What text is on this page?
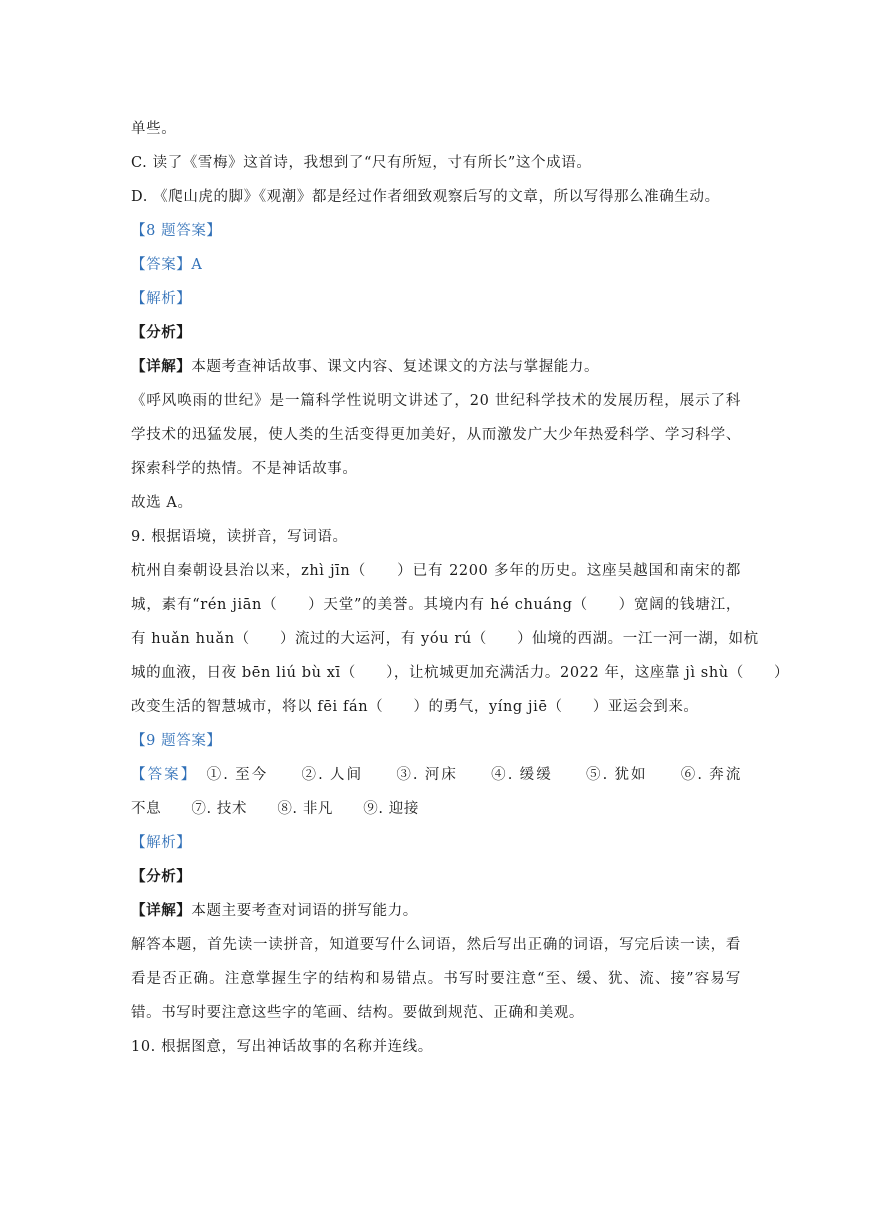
单些。
C. 读了《雪梅》这首诗，我想到了“尺有所短，寸有所长”这个成语。
D. 《爬山虎的脚》《观潮》都是经过作者细致观察后写的文章，所以写得那么准确生动。
【8 题答案】
【答案】A
【解析】
【分析】
【详解】本题考查神话故事、课文内容、复述课文的方法与掌握能力。
《呼风唤雨的世纪》是一篇科学性说明文讲述了，20 世纪科学技术的发展历程，展示了科
学技术的迅猛发展，使人类的生活变得更加美好，从而激发广大少年热爱科学、学习科学、
探索科学的热情。不是神话故事。
故选 A。
9. 根据语境，读拼音，写词语。
杭州自秦朝设县治以来，zhì jīn（　　）已有 2200 多年的历史。这座吴越国和南宋的都
城，素有“rén jiān（　　）天堂”的美誉。其境内有 hé chuáng（　　）宽阔的钱塘江，
有 huǎn huǎn（　　）流过的大运河，有 yóu rú（　　）仙境的西湖。一江一河一湖，如杭
城的血液，日夜 bēn liú bù xī（　　），让杭城更加充满活力。2022 年，这座靠 jì shù（　　）
改变生活的智慧城市，将以 fēi fán（　　）的勇气，yíng jiē（　　）亚运会到来。
【9 题答案】
【答案】　①. 至今　　②. 人间　　③. 河床　　④. 缓缓　　⑤. 犹如　　⑥. 奔流
不息　　⑦. 技术　　⑧. 非凡　　⑨. 迎接
【解析】
【分析】
【详解】本题主要考查对词语的拼写能力。
解答本题，首先读一读拼音，知道要写什么词语，然后写出正确的词语，写完后读一读，看
看是否正确。注意掌握生字的结构和易错点。书写时要注意“至、缓、犹、流、接”容易写
错。书写时要注意这些字的笔画、结构。要做到规范、正确和美观。
10. 根据图意，写出神话故事的名称并连线。
